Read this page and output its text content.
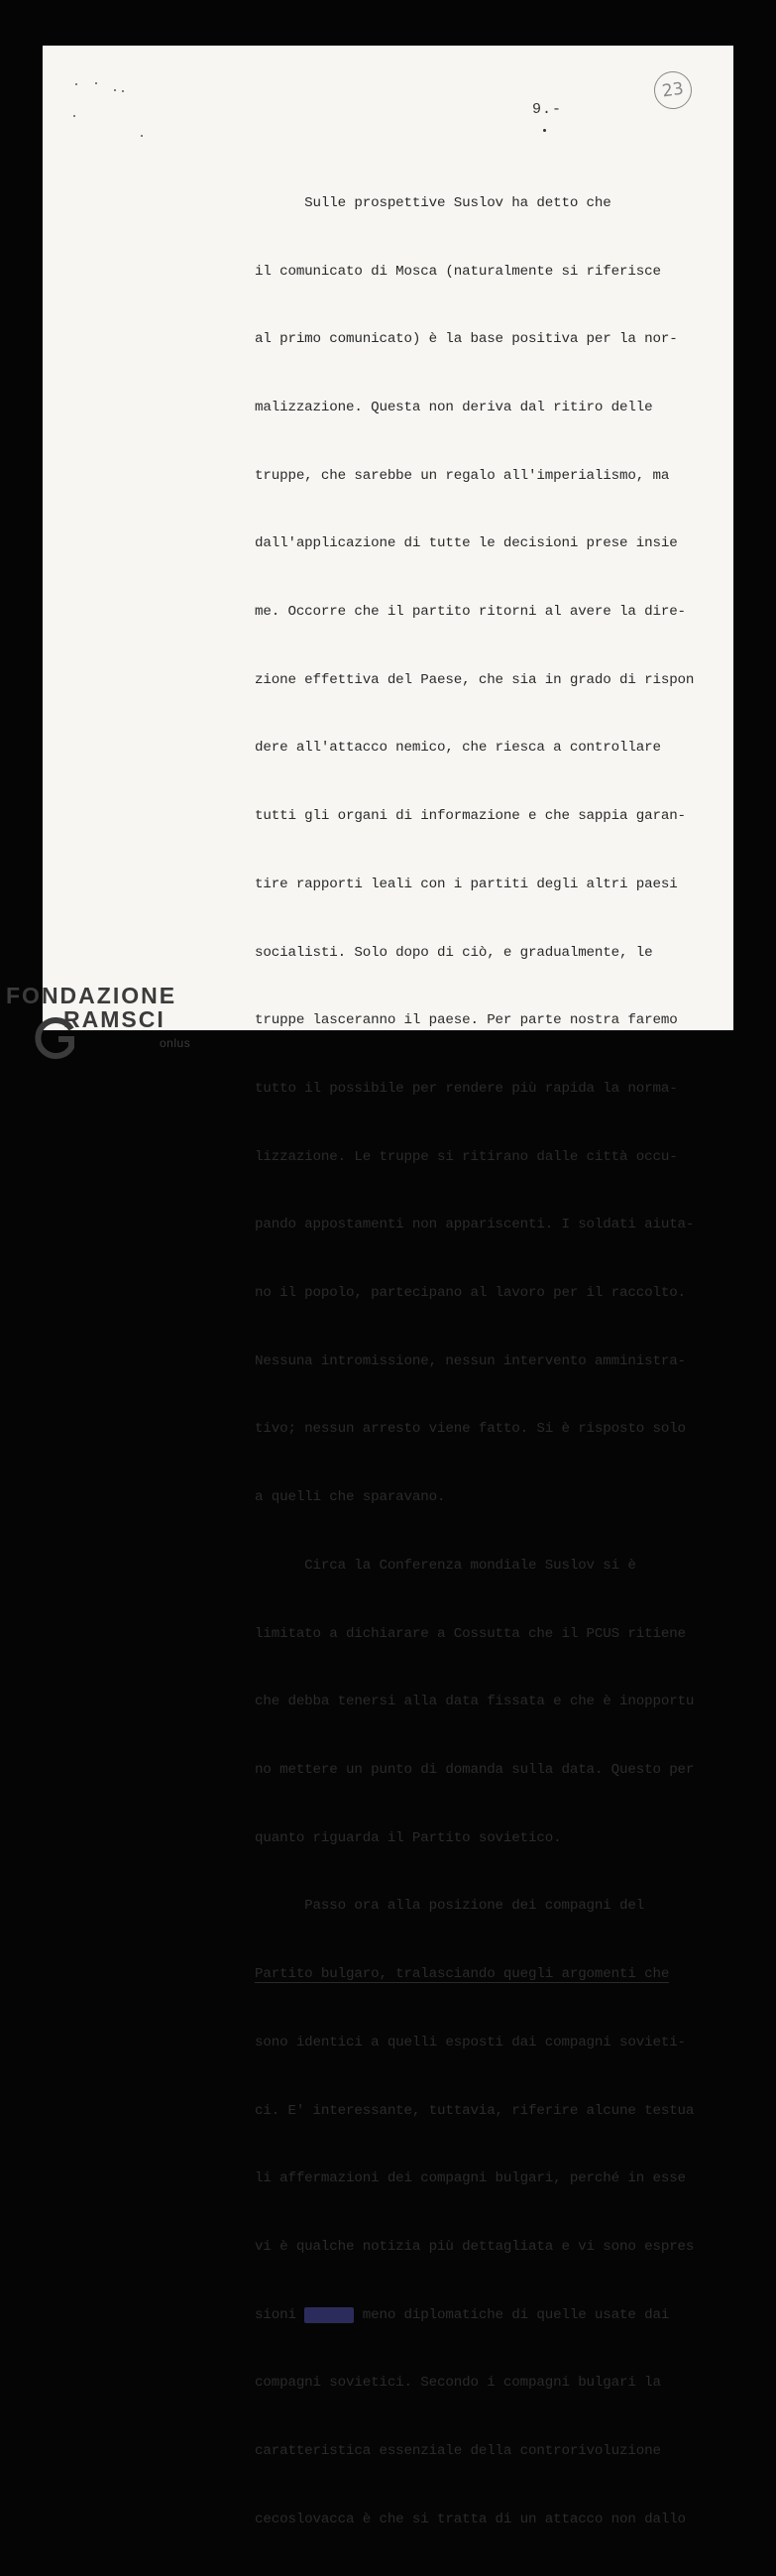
9.-
23

Sulle prospettive Suslov ha detto che

il comunicato di Mosca (naturalmente si riferisce

al primo comunicato) è la base positiva per la nor-

malizzazione. Questa non deriva dal ritiro delle

truppe, che sarebbe un regalo all'imperialismo, ma

dall'applicazione di tutte le decisioni prese insie

me. Occorre che il partito ritorni al avere la dire-

zione effettiva del Paese, che sia in grado di rispon

dere all'attacco nemico, che riesca a controllare

tutti gli organi di informazione e che sappia garan-

tire rapporti leali con i partiti degli altri paesi

socialisti. Solo dopo di ciò, e gradualmente, le

truppe lasceranno il paese. Per parte nostra faremo

tutto il possibile per rendere più rapida la norma-

lizzazione. Le truppe si ritirano dalle città occu-

pando appostamenti non appariscenti. I soldati aiuta-

no il popolo, partecipano al lavoro per il raccolto.

Nessuna intromissione, nessun intervento amministra-

tivo; nessun arresto viene fatto. Si è risposto solo

a quelli che sparavano.

Circa la Conferenza mondiale Suslov si è

limitato a dichiarare a Cossutta che il PCUS ritiene

che debba tenersi alla data fissata e che è inopportu

no mettere un punto di domanda sulla data. Questo per

quanto riguarda il Partito sovietico.

Passo ora alla posizione dei compagni del

Partito bulgaro, tralasciando quegli argomenti che

sono identici a quelli esposti dai compagni sovieti-

ci. E' interessante, tuttavia, riferire alcune testua

li affermazioni dei compagni bulgari, perché in esse

vi è qualche notizia più dettagliata e vi sono espres

sioni ancora meno diplomatiche di quelle usate dai

compagni sovietici. Secondo i compagni bulgari la

caratteristica essenziale della controrivoluzione

cecoslovacca è che si tratta di un attacco non dallo

FONDAZIONE
RAMSCI
onlus
